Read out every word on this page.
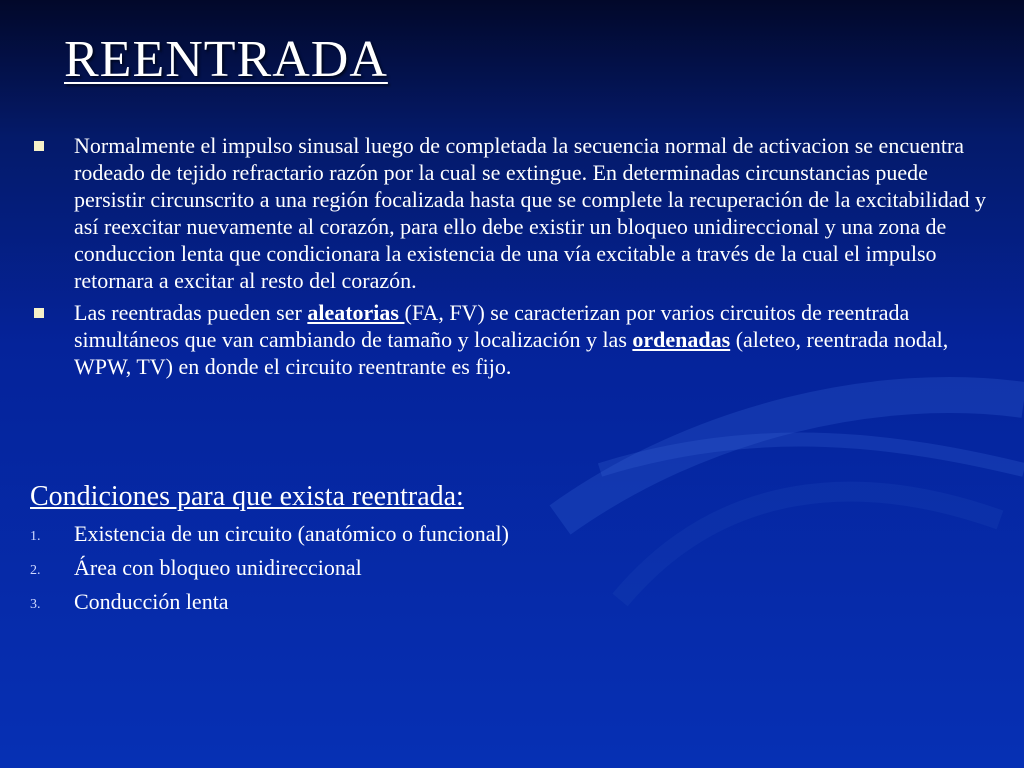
REENTRADA
Normalmente el impulso sinusal luego de completada la secuencia normal de activacion se encuentra rodeado de tejido refractario razón por la cual se extingue. En determinadas circunstancias puede persistir circunscrito a una región focalizada hasta que se complete la recuperación de la excitabilidad y así reexcitar nuevamente al corazón, para ello debe existir un bloqueo unidireccional y una zona de conduccion lenta que condicionara la existencia de una vía excitable a través de la cual el impulso retornara a excitar al resto del corazón.
Las reentradas pueden ser aleatorias (FA, FV) se caracterizan por varios circuitos de reentrada simultáneos que van cambiando de tamaño y localización y las ordenadas (aleteo, reentrada nodal, WPW, TV) en donde el circuito reentrante es fijo.
Condiciones para que exista reentrada:
1. Existencia de un circuito (anatómico o funcional)
2. Área con bloqueo unidireccional
3. Conducción lenta
